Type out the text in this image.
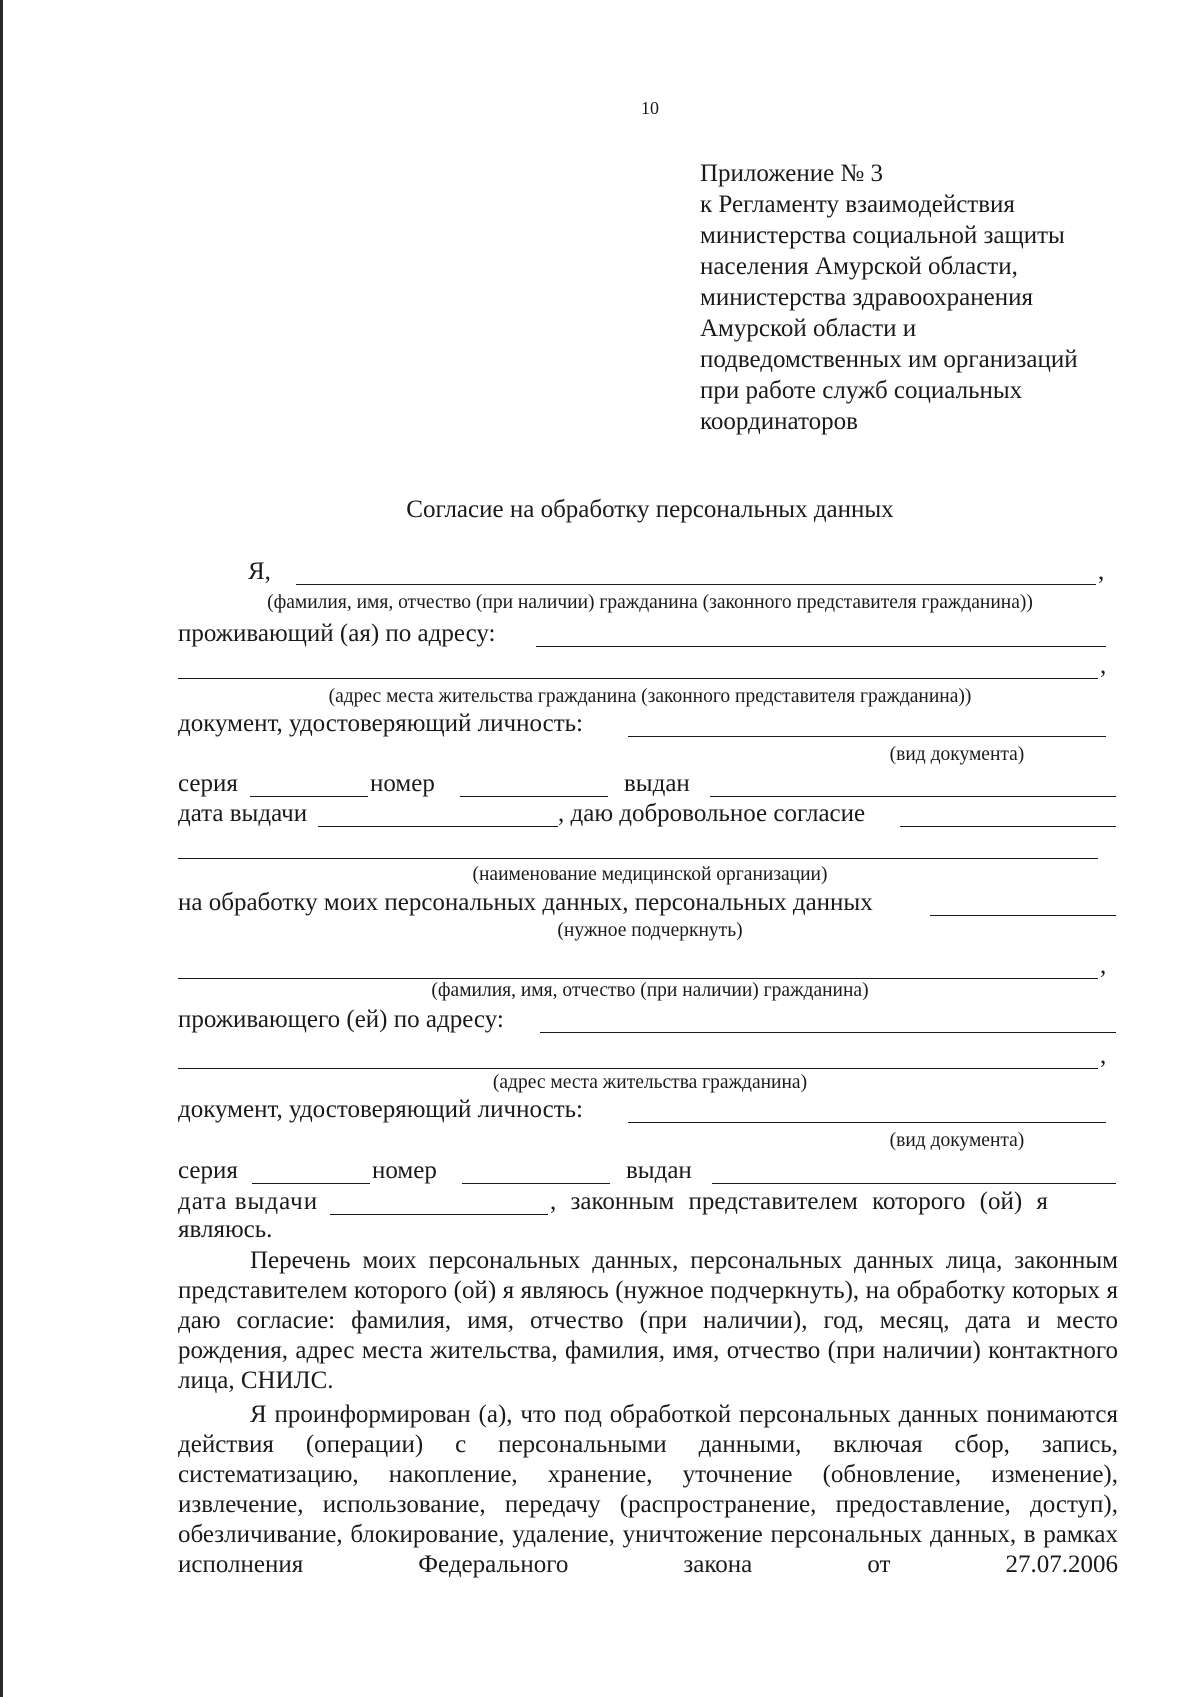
10
Приложение № 3
к Регламенту взаимодействия
министерства социальной защиты
населения Амурской области,
министерства здравоохранения
Амурской области и
подведомственных им организаций
при работе служб социальных
координаторов
Согласие на обработку персональных данных
Я,	,
(фамилия, имя, отчество (при наличии) гражданина (законного представителя гражданина))
проживающий (ая) по адресу:
,
(адрес места жительства гражданина (законного представителя гражданина))
документ, удостоверяющий личность:
(вид документа)
серия	номер	выдан
дата выдачи	, даю добровольное согласие
(наименование медицинской организации)
на обработку моих персональных данных, персональных данных
(нужное подчеркнуть)
,
(фамилия, имя, отчество (при наличии) гражданина)
проживающего (ей) по адресу:
,
(адрес места жительства гражданина)
документ, удостоверяющий личность:
(вид документа)
серия	номер	выдан
дата выдачи	, законным представителем которого (ой) я
являюсь.

Перечень моих персональных данных, персональных данных лица, законным представителем которого (ой) я являюсь (нужное подчеркнуть), на обработку которых я даю согласие: фамилия, имя, отчество (при наличии), год, месяц, дата и место рождения, адрес места жительства, фамилия, имя, отчество (при наличии) контактного лица, СНИЛС.

Я проинформирован (а), что под обработкой персональных данных понимаются действия (операции) с персональными данными, включая сбор, запись, систематизацию, накопление, хранение, уточнение (обновление, изменение), извлечение, использование, передачу (распространение, предоставление, доступ), обезличивание, блокирование, удаление, уничтожение персональных данных, в рамках исполнения Федерального закона от 27.07.2006
